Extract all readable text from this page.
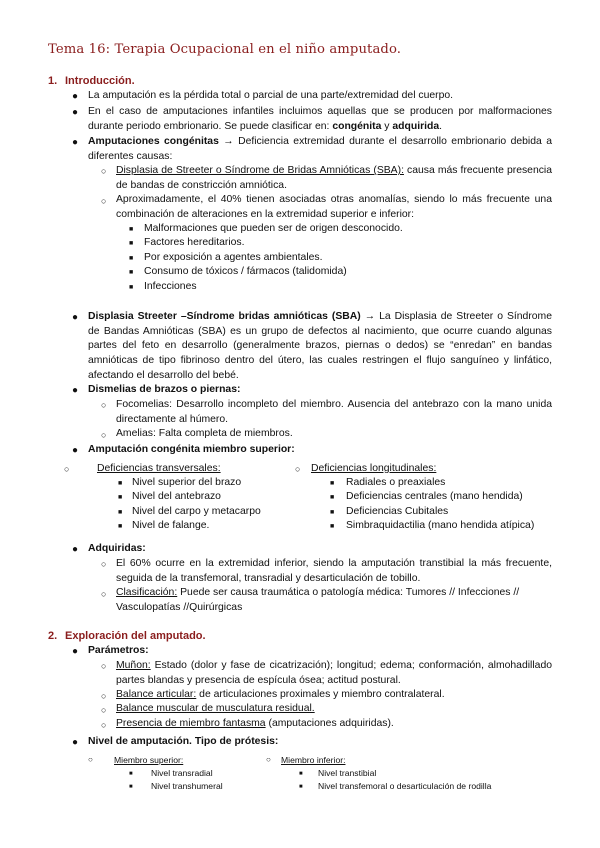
Tema 16: Terapia Ocupacional en el niño amputado.
1. Introducción.
● La amputación es la pérdida total o parcial de una parte/extremidad del cuerpo.

● En el caso de amputaciones infantiles incluimos aquellas que se producen por malformaciones durante periodo embrionario. Se puede clasificar en: congénita y adquirida.

● Amputaciones congénitas → Deficiencia extremidad durante el desarrollo embrionario debida a diferentes causas:

○ Displasia de Streeter o Síndrome de Bridas Amnióticas (SBA): causa más frecuente presencia de bandas de constricción amniótica.

○ Aproximadamente, el 40% tienen asociadas otras anomalías, siendo lo más frecuente una combinación de alteraciones en la extremidad superior e inferior:

■ Malformaciones que pueden ser de origen desconocido.

■ Factores hereditarios.

■ Por exposición a agentes ambientales.

■ Consumo de tóxicos / fármacos (talidomida)

■ Infecciones

● Displasia Streeter –Síndrome bridas amnióticas (SBA) → La Displasia de Streeter o Síndrome de Bandas Amnióticas (SBA) es un grupo de defectos al nacimiento, que ocurre cuando algunas partes del feto en desarrollo (generalmente brazos, piernas o dedos) se “enredan” en bandas amnióticas de tipo fibrinoso dentro del útero, las cuales restringen el flujo sanguíneo y linfático, afectando el desarrollo del bebé.

● Dismelias de brazos o piernas:

○ Focomelias: Desarrollo incompleto del miembro. Ausencia del antebrazo con la mano unida directamente al húmero.

○ Amelias: Falta completa de miembros.

● Amputación congénita miembro superior:

○	Deficiencias transversales:

■ Nivel superior del brazo

■ Nivel del antebrazo

■ Nivel del carpo y metacarpo

■ Nivel de falange.

○ Deficiencias longitudinales:

■ Radiales o preaxiales

■ Deficiencias centrales (mano hendida)

■ Deficiencias Cubitales

■ Simbraquidactilia (mano hendida atípica)

● Adquiridas:

○ El 60% ocurre en la extremidad inferior, siendo la amputación transtibial la más frecuente, seguida de la transfemoral, transradial y desarticulación de tobillo.

○ Clasificación: Puede ser causa traumática o patología médica: Tumores // Infecciones // Vasculopatías //Quirúrgicas

2. Exploración del amputado.
● Parámetros:

○ Muñon: Estado (dolor y fase de cicatrización); longitud; edema; conformación, almohadillado partes blandas y presencia de espícula ósea; actitud postural.

○ Balance articular: de articulaciones proximales y miembro contralateral.

○ Balance muscular de musculatura residual.

○ Presencia de miembro fantasma (amputaciones adquiridas).

● Nivel de amputación. Tipo de prótesis:

○ Miembro superior:

■ Nivel transradial

■ Nivel transhumeral

○ Miembro inferior:

■ Nivel transtibial

■ Nivel transfemoral o desarticulación de rodilla
